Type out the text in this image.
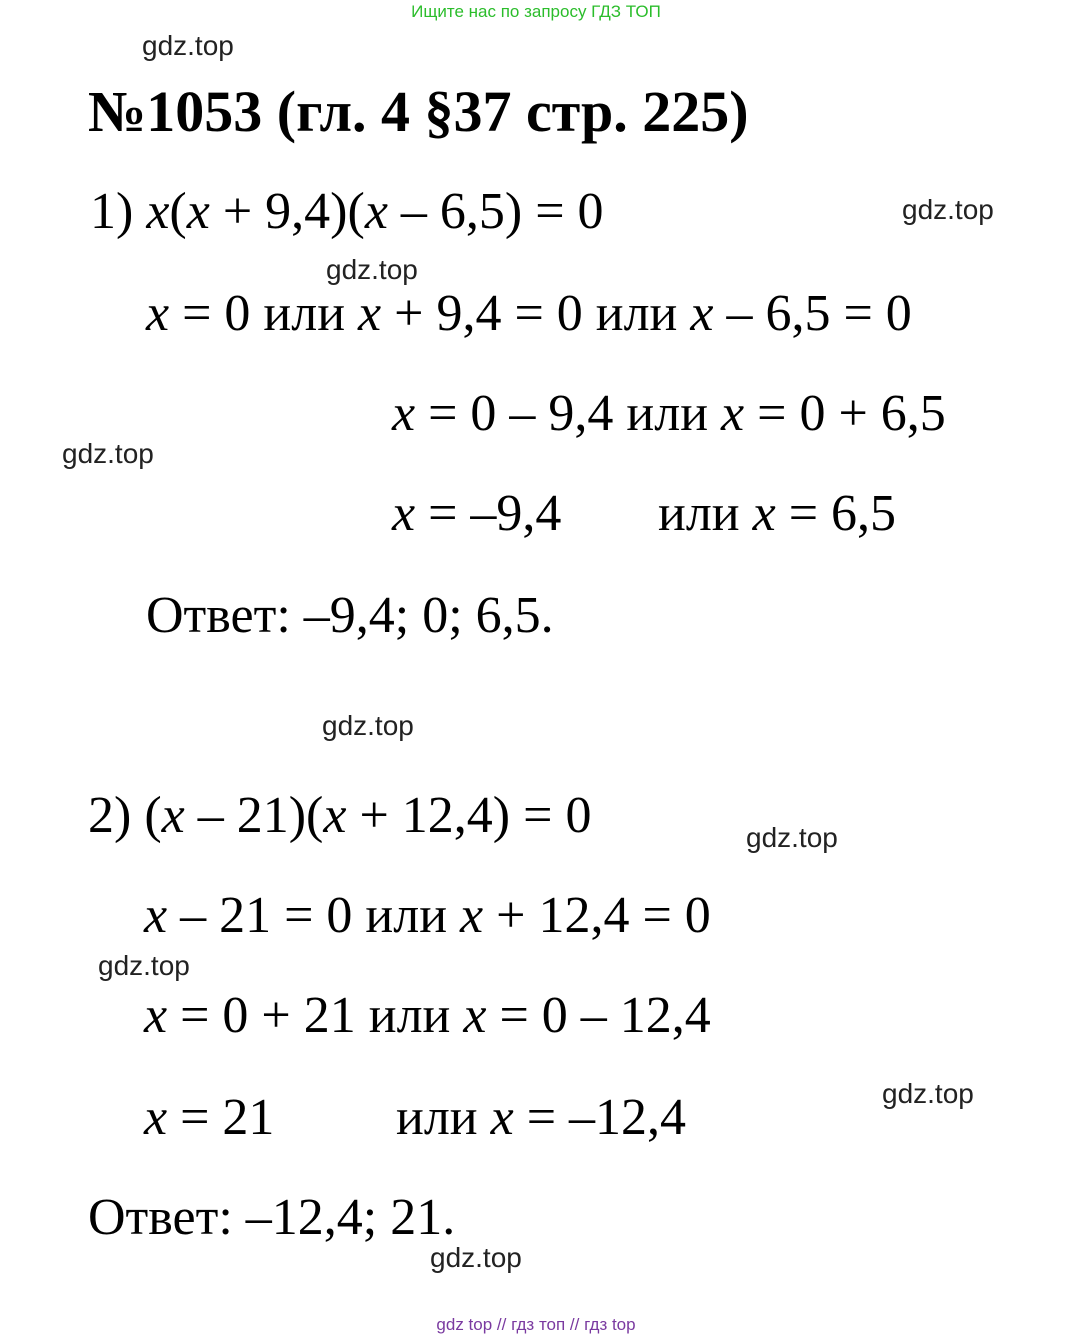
Ищите нас по запросу ГДЗ ТОП
gdz.top
gdz.top
gdz.top
gdz.top
gdz.top
gdz.top
gdz.top
gdz.top
gdz.top
№1053 (гл. 4 §37 стр. 225)
1) x(x + 9,4)(x – 6,5) = 0
x = 0 или x + 9,4 = 0 или x – 6,5 = 0
x = 0 – 9,4 или x = 0 + 6,5
x = –9,4 или x = 6,5
Ответ: –9,4; 0; 6,5.
2) (x – 21)(x + 12,4) = 0
x – 21 = 0 или x + 12,4 = 0
x = 0 + 21 или x = 0 – 12,4
x = 21 или x = –12,4
Ответ: –12,4; 21.
gdz top // гдз топ // гдз top
